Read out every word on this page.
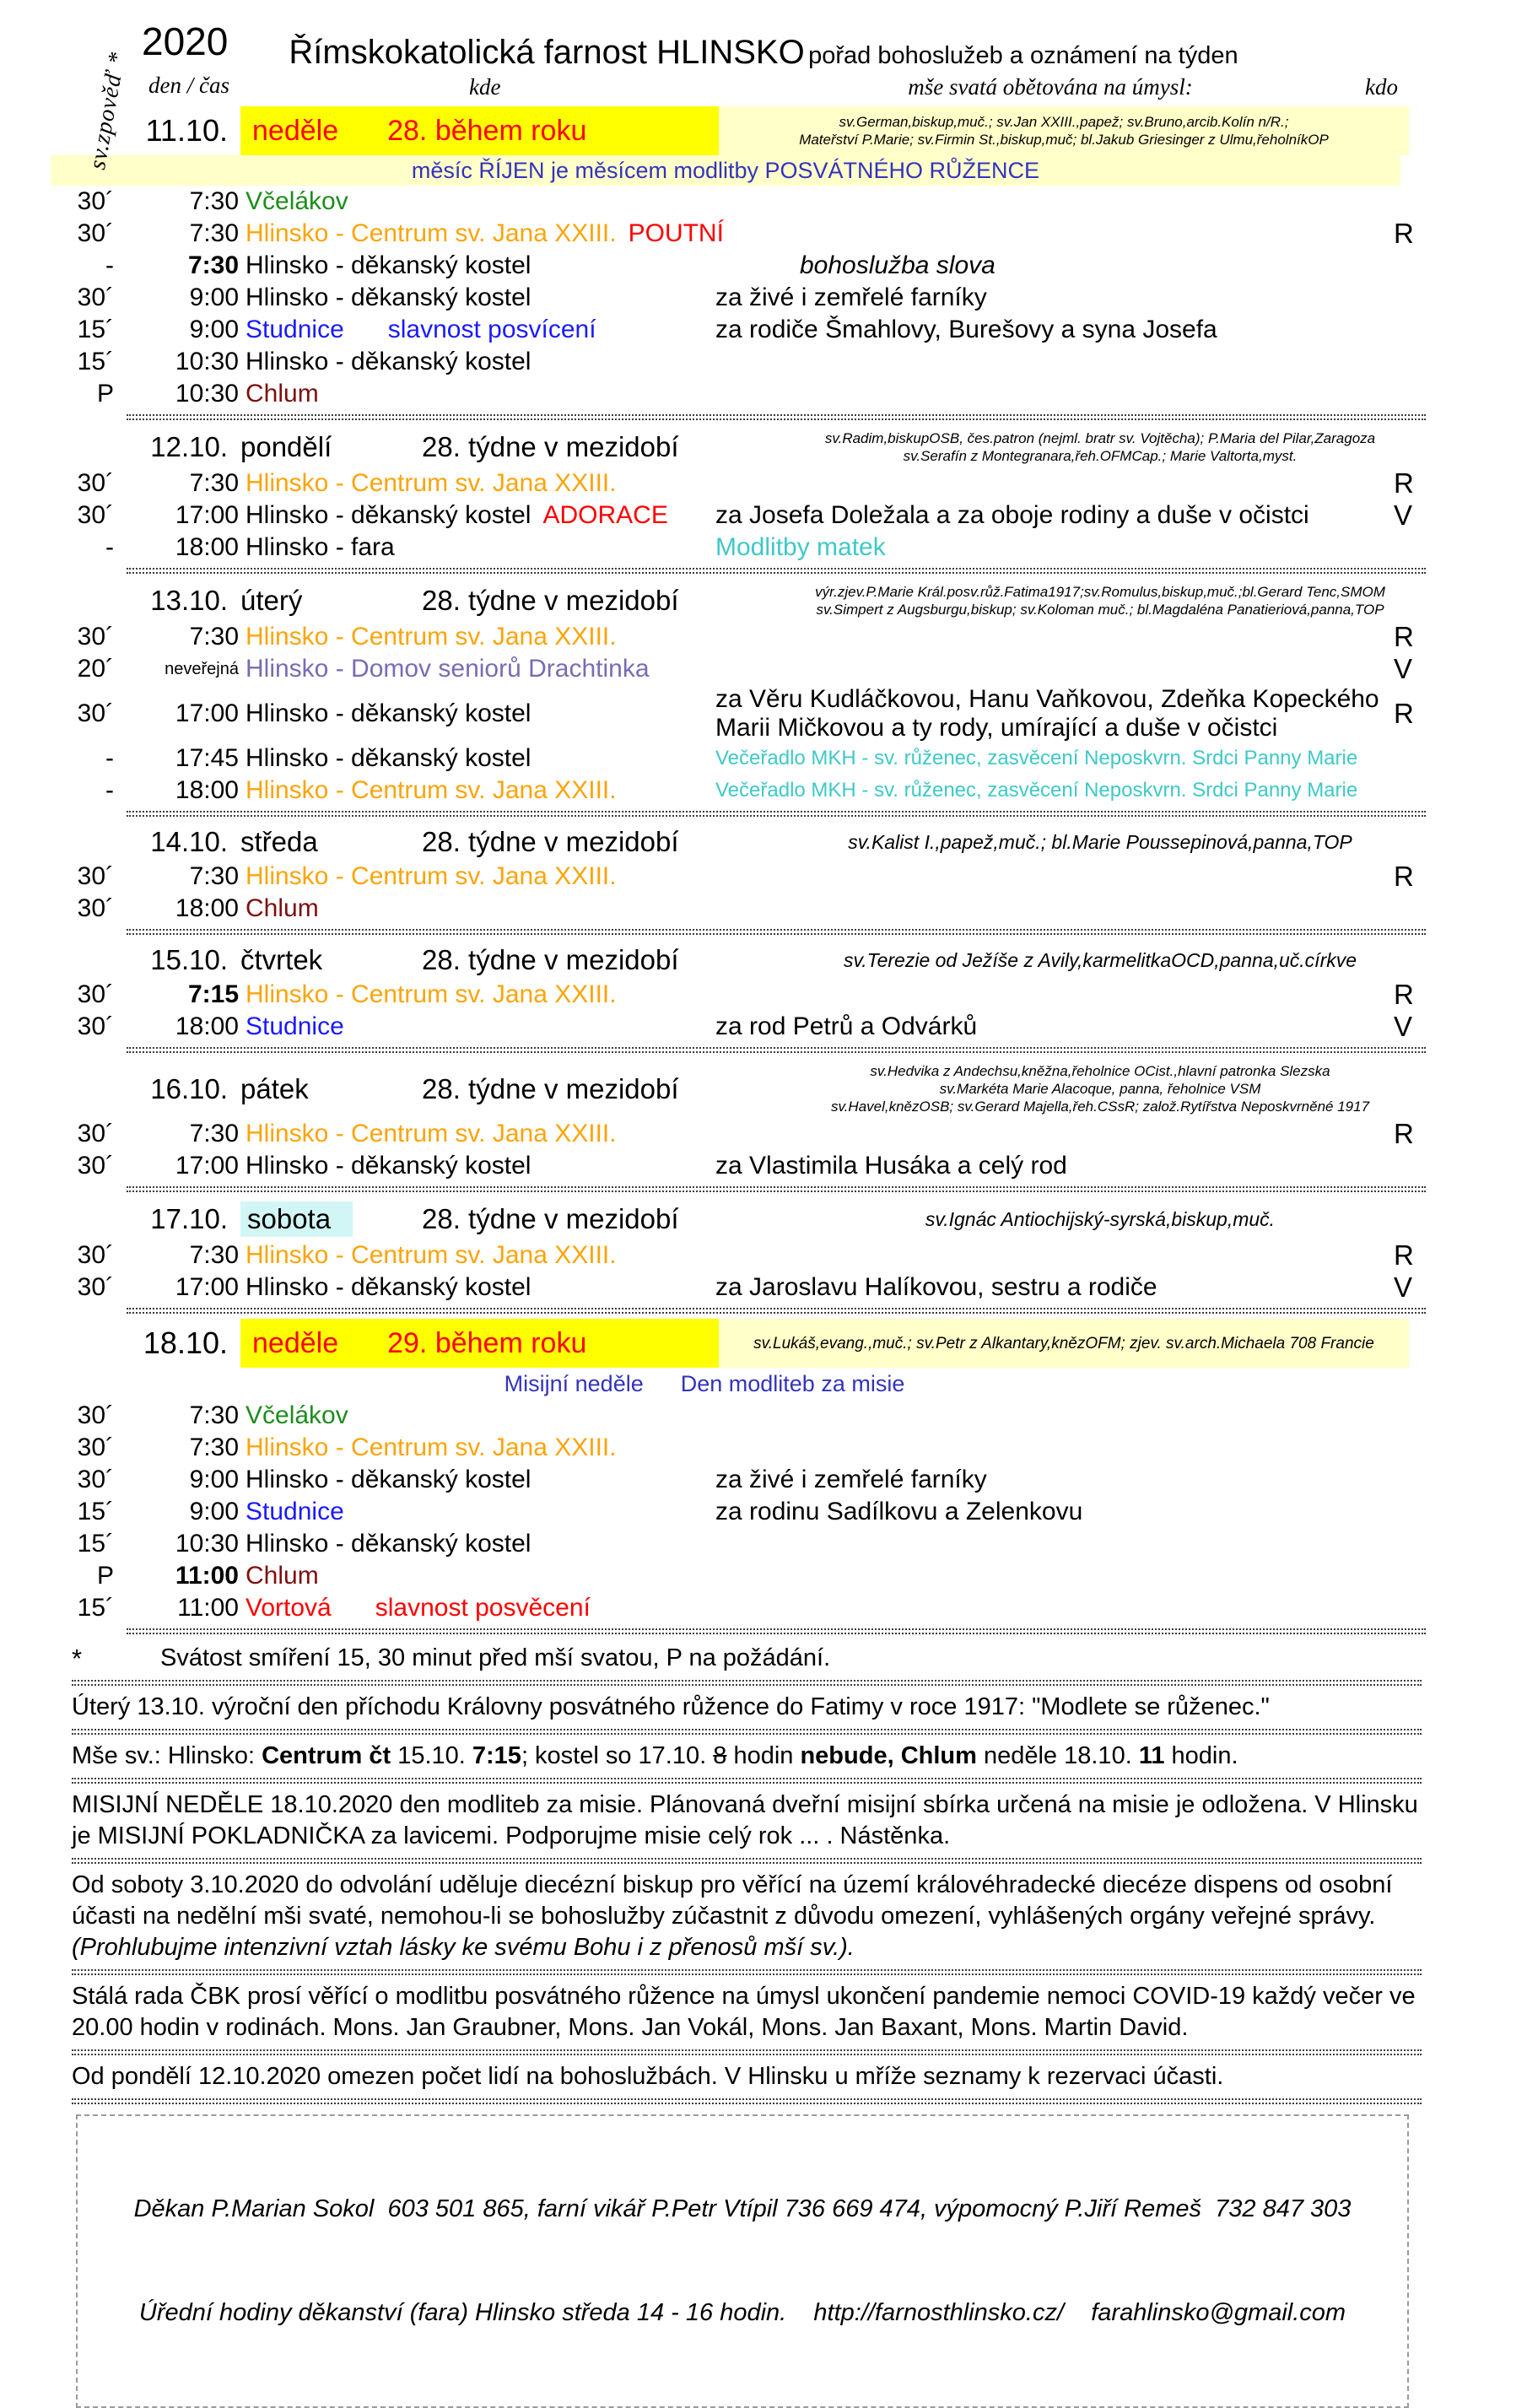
sv.zpověď *
2020
den / čas
Římskokatolická farnost HLINSKO pořad bohoslužeb a oznámení na týden
kde	mše svatá obětována na úmysl:	kdo
11.10. neděle 28. během roku	sv.German,biskup,muč.; sv.Jan XXIII.,papež; sv.Bruno,arcib.Kolín n/R.;
Mateřství P.Marie; sv.Firmin St.,biskup,muč; bl.Jakub Griesinger z Ulmu,řeholníkOP
měsíc ŘÍJEN je měsícem modlitby POSVÁTNÉHO RŮŽENCE
30´	7:30 Včelákov
30´	7:30 Hlinsko - Centrum sv. Jana XXIII. POUTNÍ	R
-	7:30 Hlinsko - děkanský kostel	bohoslužba slova
30´	9:00 Hlinsko - děkanský kostel	za živé i zemřelé farníky
15´	9:00 Studnice slavnost posvícení	za rodiče Šmahlovy, Burešovy a syna Josefa
15´	10:30 Hlinsko - děkanský kostel
P	10:30 Chlum
12.10. pondělí	28. týdne v mezidobí	sv.Radim,biskupOSB, čes.patron (nejml. bratr sv. Vojtěcha); P.Maria del Pilar,Zaragoza
sv.Serafín z Montegranara,řeh.OFMCap.; Marie Valtorta,myst.
30´	7:30 Hlinsko - Centrum sv. Jana XXIII.	R
30´	17:00 Hlinsko - děkanský kostel ADORACE	za Josefa Doležala a za oboje rodiny a duše v očistci	V
-	18:00 Hlinsko - fara	Modlitby matek
13.10. úterý	28. týdne v mezidobí	výr.zjev.P.Marie Král.posv.růž.Fatima1917;sv.Romulus,biskup,muč.;bl.Gerard Tenc,SMOM
sv.Simpert z Augsburgu,biskup; sv.Koloman muč.; bl.Magdaléna Panatieriová,panna,TOP
30´	7:30 Hlinsko - Centrum sv. Jana XXIII.	R
20´	neveřejná Hlinsko - Domov seniorů Drachtinka	V
30´	17:00 Hlinsko - děkanský kostel
za Věru Kudláčkovou, Hanu Vaňkovou, Zdeňka Kopeckého
Marii Mičkovou a ty rody, umírající a duše v očistci	R
-	17:45 Hlinsko - děkanský kostel	Večeřadlo MKH - sv. růženec, zasvěcení Neposkvrn. Srdci Panny Marie
-	18:00 Hlinsko - Centrum sv. Jana XXIII.	Večeřadlo MKH - sv. růženec, zasvěcení Neposkvrn. Srdci Panny Marie
14.10. středa	28. týdne v mezidobí	sv.Kalist I.,papež,muč.; bl.Marie Poussepinová,panna,TOP
30´	7:30 Hlinsko - Centrum sv. Jana XXIII.	R
30´	18:00 Chlum
15.10. čtvrtek	28. týdne v mezidobí	sv.Terezie od Ježíše z Avily,karmelitkaOCD,panna,uč.církve
30´	7:15 Hlinsko - Centrum sv. Jana XXIII.	R
30´	18:00 Studnice	za rod Petrů a Odvárků	V
16.10. pátek	28. týdne v mezidobí
sv.Hedvika z Andechsu,kněžna,řeholnice OCist.,hlavní patronka Slezska
sv.Markéta Marie Alacoque, panna, řeholnice VSM
sv.Havel,knězOSB; sv.Gerard Majella,řeh.CSsR; založ.Rytířstva Neposkvrněné 1917
30´	7:30 Hlinsko - Centrum sv. Jana XXIII.	R
30´	17:00 Hlinsko - děkanský kostel	za Vlastimila Husáka a celý rod
17.10. sobota	28. týdne v mezidobí	sv.Ignác Antiochijský-syrská,biskup,muč.
30´	7:30 Hlinsko - Centrum sv. Jana XXIII.	R
30´	17:00 Hlinsko - děkanský kostel	za Jaroslavu Halíkovou, sestru a rodiče	V
18.10. neděle 29. během roku	sv.Lukáš,evang.,muč.; sv.Petr z Alkantary,knězOFM; zjev. sv.arch.Michaela 708 Francie
Misijní neděle Den modliteb za misie
30´	7:30 Včelákov
30´	7:30 Hlinsko - Centrum sv. Jana XXIII.
30´	9:00 Hlinsko - děkanský kostel	za živé i zemřelé farníky
15´	9:00 Studnice	za rodinu Sadílkovu a Zelenkovu
15´	10:30 Hlinsko - děkanský kostel
P	11:00 Chlum
15´	11:00 Vortová slavnost posvěcení
*	Svátost smíření 15, 30 minut před mší svatou, P na požádání.
Úterý 13.10. výroční den příchodu Královny posvátného růžence do Fatimy v roce 1917: "Modlete se růženec."
Mše sv.: Hlinsko: Centrum čt 15.10. 7:15; kostel so 17.10. 8 hodin nebude, Chlum neděle 18.10. 11 hodin.
MISIJNÍ NEDĚLE 18.10.2020 den modliteb za misie. Plánovaná dveřní misijní sbírka určená na misie je odložena. V Hlinsku je MISIJNÍ POKLADNIČKA za lavicemi. Podporujme misie celý rok ... . Nástěnka.
Od soboty 3.10.2020 do odvolání uděluje diecézní biskup pro věřící na území královéhradecké diecéze dispens od osobní účasti na nedělní mši svaté, nemohou-li se bohoslužby zúčastnit z důvodu omezení, vyhlášených orgány veřejné správy. (Prohlubujme intenzivní vztah lásky ke svému Bohu i z přenosů mší sv.).
Stálá rada ČBK prosí věřící o modlitbu posvátného růžence na úmysl ukončení pandemie nemoci COVID-19 každý večer ve 20.00 hodin v rodinách. Mons. Jan Graubner, Mons. Jan Vokál, Mons. Jan Baxant, Mons. Martin David.
Od pondělí 12.10.2020 omezen počet lidí na bohoslužbách. V Hlinsku u mříže seznamy k rezervaci účasti.

Děkan P.Marian Sokol  603 501 865, farní vikář P.Petr Vtípil 736 669 474, výpomocný P.Jiří Remeš  732 847 303

Úřední hodiny děkanství (fara) Hlinsko středa 14 - 16 hodin.    http://farnosthlinsko.cz/    farahlinsko@gmail.com
